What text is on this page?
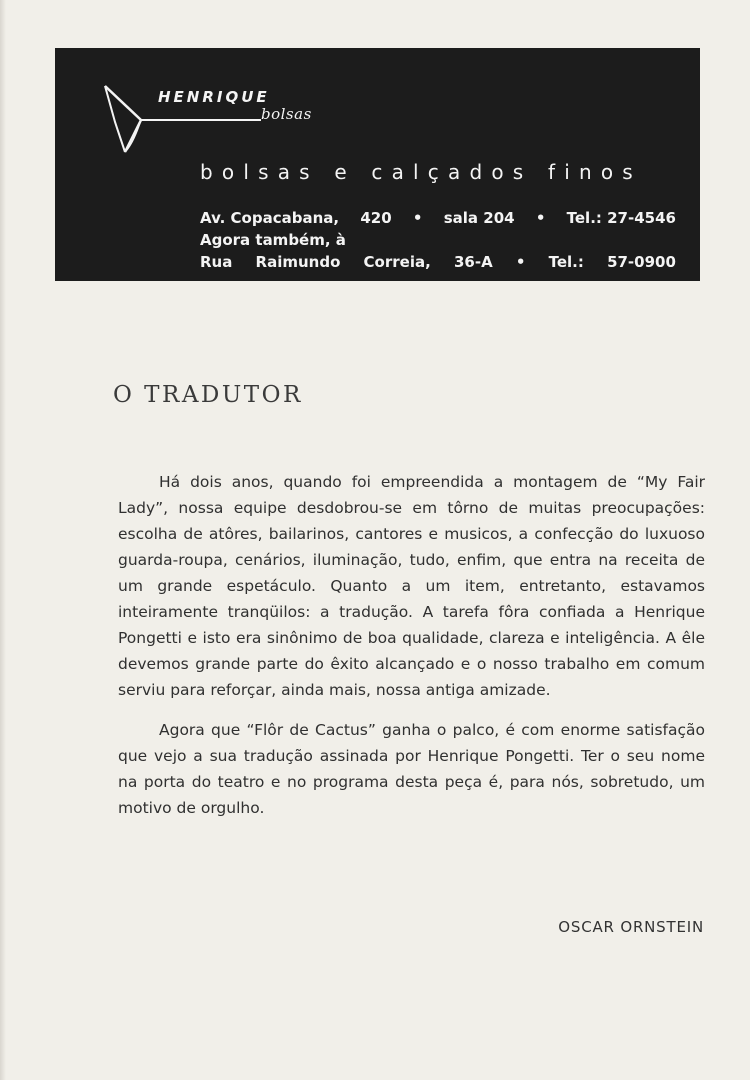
HENRIQUE
bolsas
bolsas e calçados finos
Av. Copacabana, 420 • sala 204 • Tel.: 27-4546
Agora também, à
Rua Raimundo Correia, 36-A • Tel.: 57-0900
O TRADUTOR

Há dois anos, quando foi empreendida a montagem de “My Fair Lady”, nossa equipe desdobrou-se em tôrno de muitas preocupações: escolha de atôres, bailarinos, cantores e musicos, a confecção do luxuoso guarda-roupa, cenários, iluminação, tudo, enfim, que entra na receita de um grande espetáculo. Quanto a um item, entretanto, estavamos inteiramente tranqüilos: a tradução. A tarefa fôra confiada a Henrique Pongetti e isto era sinônimo de boa qualidade, clareza e inteligência. A êle devemos grande parte do êxito alcançado e o nosso trabalho em comum serviu para reforçar, ainda mais, nossa antiga amizade.

Agora que “Flôr de Cactus” ganha o palco, é com enorme satisfação que vejo a sua tradução assinada por Henrique Pongetti. Ter o seu nome na porta do teatro e no programa desta peça é, para nós, sobretudo, um motivo de orgulho.

OSCAR ORNSTEIN
